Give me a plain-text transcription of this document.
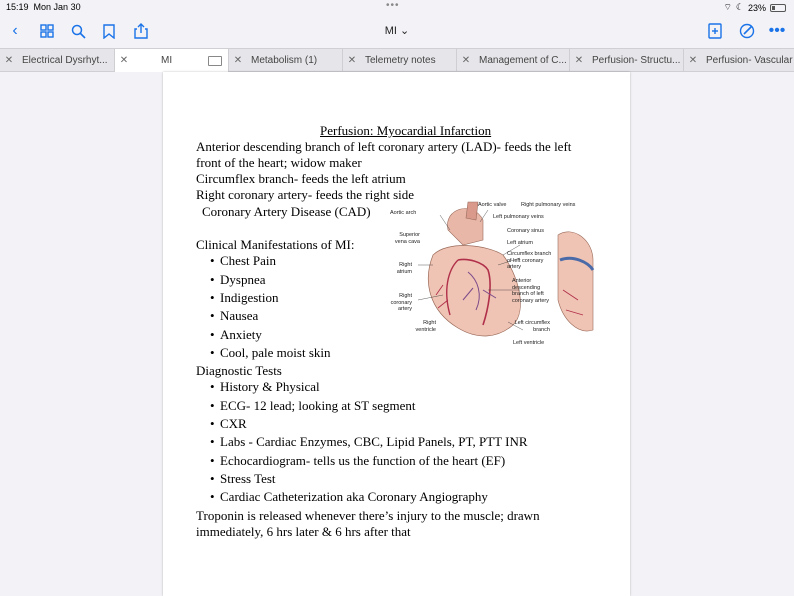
15:19 Mon Jan 30	•••	⌔ ☾ 23%
‹	MI ⌄	•••
✕ Electrical Dysrhyt...	✕	MI	✕ Metabolism (1)	✕ Telemetry notes	✕ Management of C... ✕ Perfusion- Structu... ✕ Perfusion- Vascular
Perfusion: Myocardial Infarction
Anterior descending branch of left coronary artery (LAD)- feeds the left
front of the heart; widow maker
Circumflex branch- feeds the left atrium
Right coronary artery- feeds the right side
Coronary Artery Disease (CAD)
Clinical Manifestations of MI:
• Chest Pain
• Dyspnea
• Indigestion
• Nausea
• Anxiety
• Cool, pale moist skin
Diagnostic Tests
• History & Physical
• ECG- 12 lead; looking at ST segment
• CXR
• Labs - Cardiac Enzymes, CBC, Lipid Panels, PT, PTT INR
• Echocardiogram- tells us the function of the heart (EF)
• Stress Test
• Cardiac Catheterization aka Coronary Angiography
Troponin is released whenever there’s injury to the muscle; drawn
immediately, 6 hrs later & 6 hrs after that
Aortic valve	Right pulmonary veins
Aortic arch
Left pulmonary veins
Coronary sinus
Superior vena cava	Left atrium
Circumflex branch of left coronary artery
Right atrium
Anterior descending branch of left coronary artery
Right coronary artery
Left circumflex branch
Right ventricle
Left ventricle
